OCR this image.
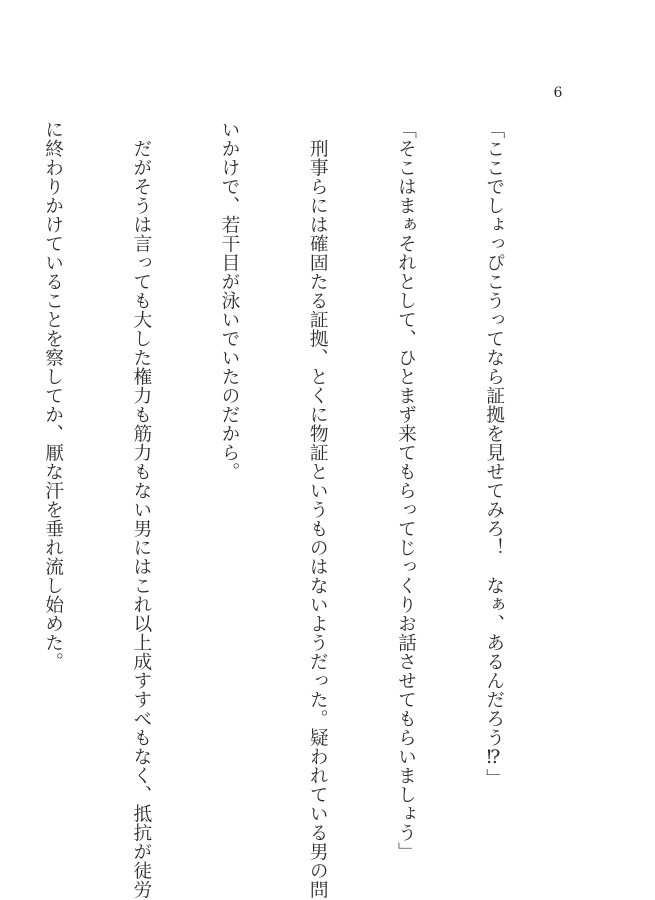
6

「ここでしょっぴこうってなら証拠を見せてみろ！　なぁ、あるんだろう⁉」

「そこはまぁそれとして、ひとまず来てもらってじっくりお話させてもらいましょう」

　刑事らには確固たる証拠、とくに物証というものはないようだった。疑われている男の問

いかけで、若干目が泳いでいたのだから。

　だがそうは言っても大した権力も筋力もない男にはこれ以上成すすべもなく、抵抗が徒労

に終わりかけていることを察してか、厭な汗を垂れ流し始めた。
